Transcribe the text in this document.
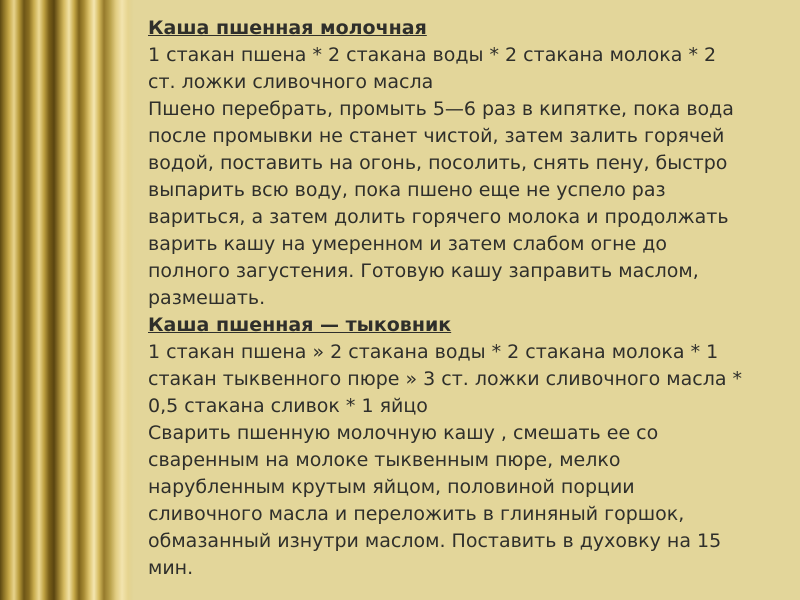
Каша пшенная молочная

1 стакан пшена * 2 стакана воды * 2 стакана молока * 2 ст. ложки сливочного масла

Пшено перебрать, промыть 5—6 раз в кипятке, пока вода после промывки не станет чистой, затем залить горячей водой, поставить на огонь, посолить, снять пену, быстро выпарить всю воду, пока пшено еще не успело раз вариться, а затем долить горячего молока и продолжать варить кашу на умеренном и затем слабом огне до полного загустения. Готовую кашу заправить маслом, размешать.

Каша пшенная — тыковник

1 стакан пшена » 2 стакана воды * 2 стакана молока * 1 стакан тыквенного пюре » 3 ст. ложки сливочного масла * 0,5 стакана сливок * 1 яйцо

Сварить пшенную молочную кашу , смешать ее со сваренным на молоке тыквенным пюре, мелко нарубленным крутым яйцом, половиной порции сливочного масла и переложить в глиняный горшок, обмазанный изнутри маслом. Поставить в духовку на 15 мин.
